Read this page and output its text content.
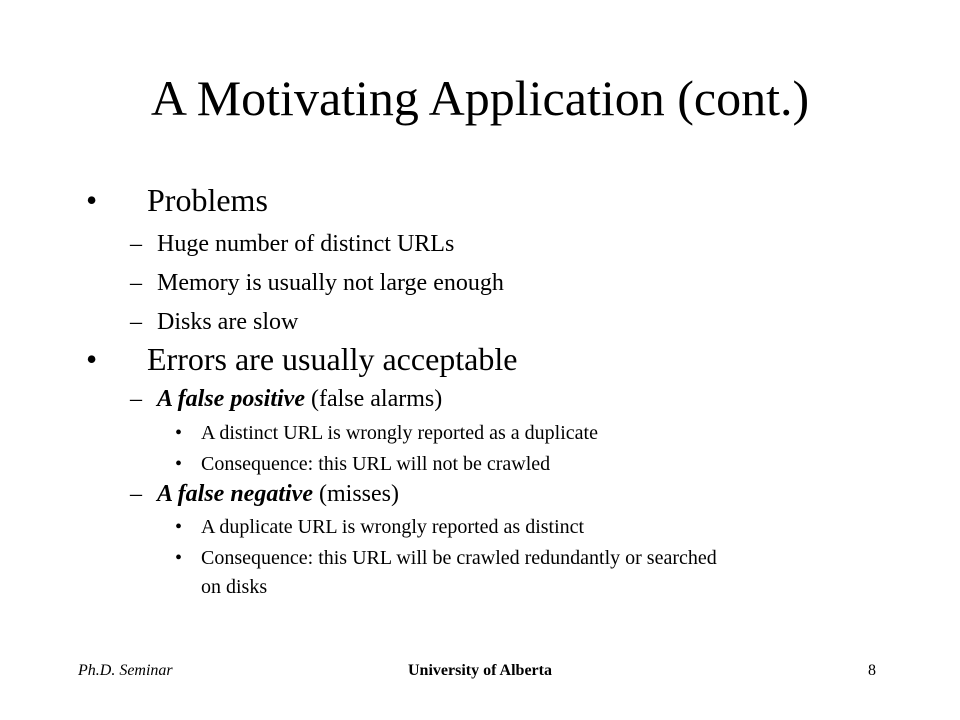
A Motivating Application (cont.)
• Problems
– Huge number of distinct URLs
– Memory is usually not large enough
– Disks are slow
• Errors are usually acceptable
– A false positive (false alarms)
• A distinct URL is wrongly reported as a duplicate
• Consequence: this URL will not be crawled
– A false negative (misses)
• A duplicate URL is wrongly reported as distinct
• Consequence: this URL will be crawled redundantly or searched
on disks
Ph.D. Seminar	University of Alberta	8
